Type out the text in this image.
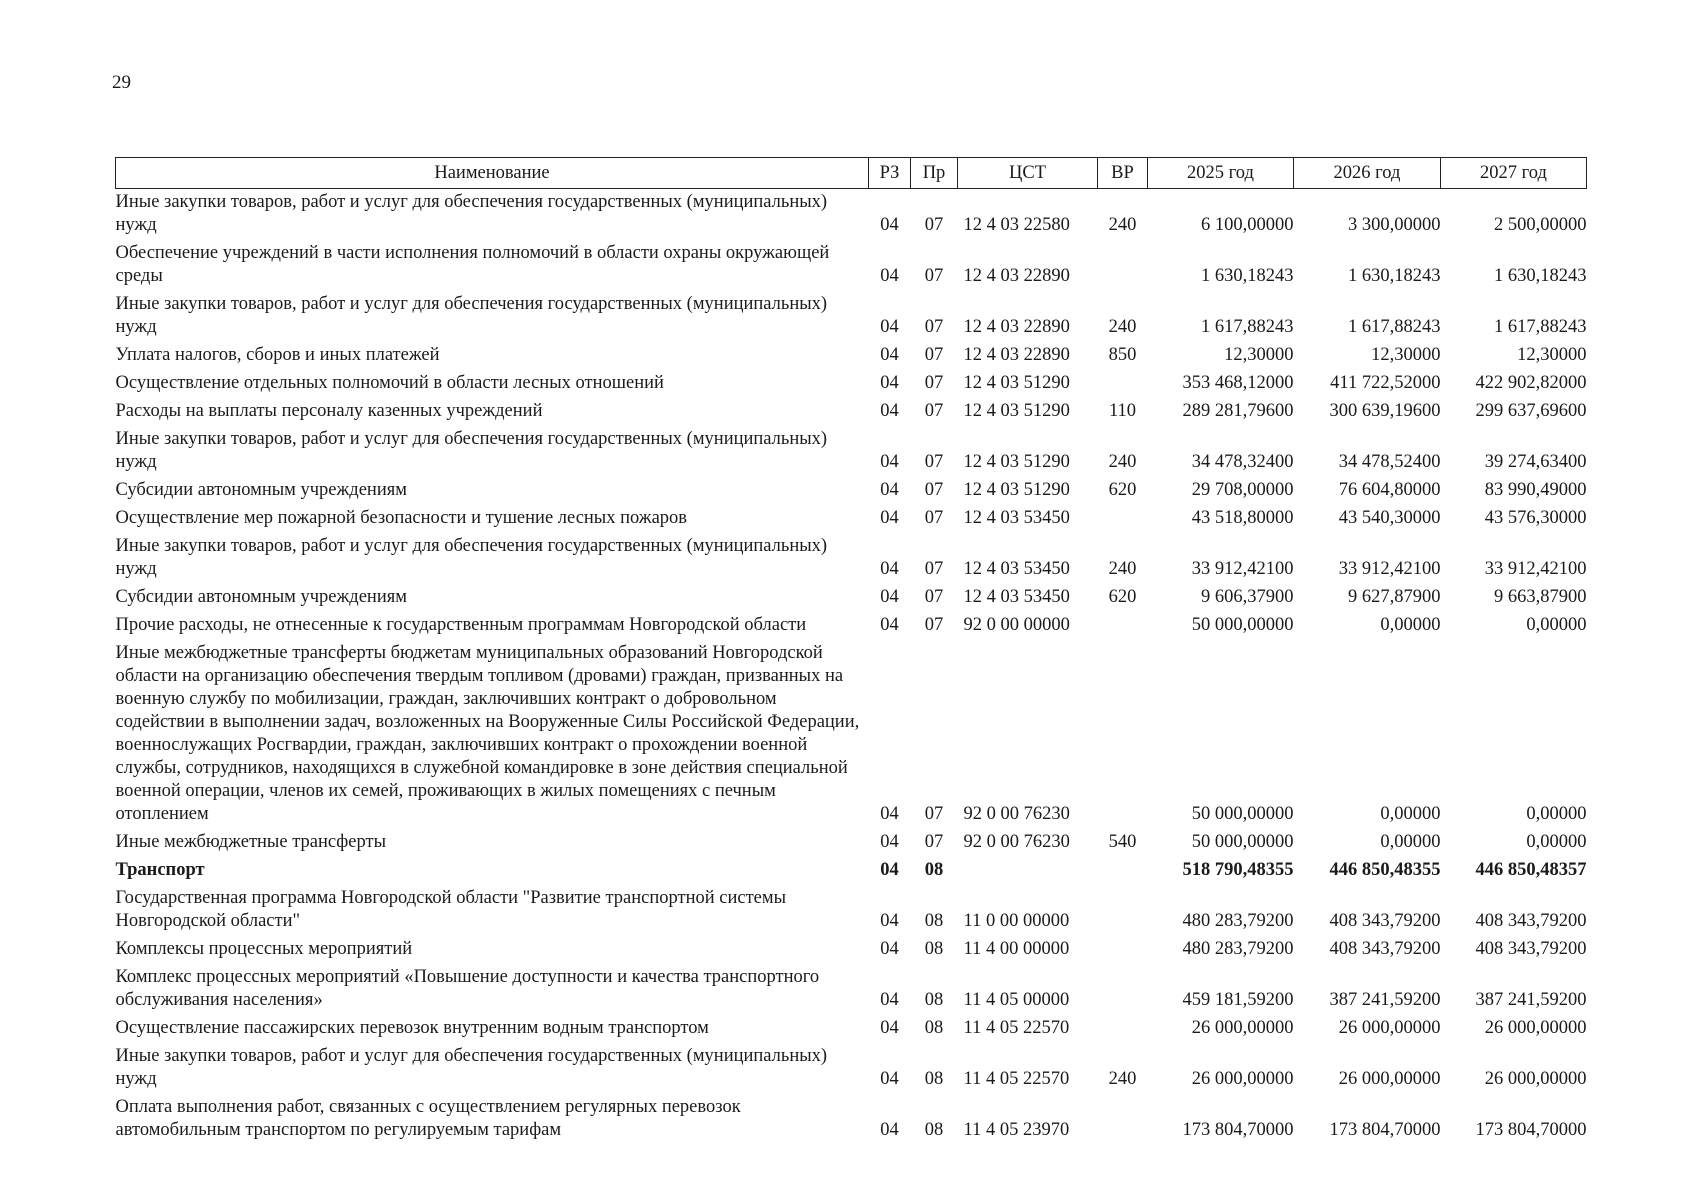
29
Наименование	РЗ	Пр	ЦСТ	ВР	2025 год	2026 год	2027 год
Иные закупки товаров, работ и услуг для обеспечения государственных (муниципальных) нужд	04	07	12 4 03 22580	240	6 100,00000	3 300,00000	2 500,00000
Обеспечение учреждений в части исполнения полномочий в области охраны окружающей среды	04	07	12 4 03 22890		1 630,18243	1 630,18243	1 630,18243
Иные закупки товаров, работ и услуг для обеспечения государственных (муниципальных) нужд	04	07	12 4 03 22890	240	1 617,88243	1 617,88243	1 617,88243
Уплата налогов, сборов и иных платежей	04	07	12 4 03 22890	850	12,30000	12,30000	12,30000
Осуществление отдельных полномочий в области лесных отношений	04	07	12 4 03 51290		353 468,12000	411 722,52000	422 902,82000
Расходы на выплаты персоналу казенных учреждений	04	07	12 4 03 51290	110	289 281,79600	300 639,19600	299 637,69600
Иные закупки товаров, работ и услуг для обеспечения государственных (муниципальных) нужд	04	07	12 4 03 51290	240	34 478,32400	34 478,52400	39 274,63400
Субсидии автономным учреждениям	04	07	12 4 03 51290	620	29 708,00000	76 604,80000	83 990,49000
Осуществление мер пожарной безопасности и тушение лесных пожаров	04	07	12 4 03 53450		43 518,80000	43 540,30000	43 576,30000
Иные закупки товаров, работ и услуг для обеспечения государственных (муниципальных) нужд	04	07	12 4 03 53450	240	33 912,42100	33 912,42100	33 912,42100
Субсидии автономным учреждениям	04	07	12 4 03 53450	620	9 606,37900	9 627,87900	9 663,87900
Прочие расходы, не отнесенные к государственным программам Новгородской области	04	07	92 0 00 00000		50 000,00000	0,00000	0,00000
Иные межбюджетные трансферты бюджетам муниципальных образований Новгородской области на организацию обеспечения твердым топливом (дровами) граждан, призванных на военную службу по мобилизации, граждан, заключивших контракт о добровольном содействии в выполнении задач, возложенных на Вооруженные Силы Российской Федерации, военнослужащих Росгвардии, граждан, заключивших контракт о прохождении военной службы, сотрудников, находящихся в служебной командировке в зоне действия специальной военной операции, членов их семей, проживающих в жилых помещениях с печным отоплением	04	07	92 0 00 76230		50 000,00000	0,00000	0,00000
Иные межбюджетные трансферты	04	07	92 0 00 76230	540	50 000,00000	0,00000	0,00000
Транспорт	04	08			518 790,48355	446 850,48355	446 850,48357
Государственная программа Новгородской области "Развитие транспортной системы Новгородской области"	04	08	11 0 00 00000		480 283,79200	408 343,79200	408 343,79200
Комплексы процессных мероприятий	04	08	11 4 00 00000		480 283,79200	408 343,79200	408 343,79200
Комплекс процессных мероприятий «Повышение доступности и качества транспортного обслуживания населения»	04	08	11 4 05 00000		459 181,59200	387 241,59200	387 241,59200
Осуществление пассажирских перевозок внутренним водным транспортом	04	08	11 4 05 22570		26 000,00000	26 000,00000	26 000,00000
Иные закупки товаров, работ и услуг для обеспечения государственных (муниципальных) нужд	04	08	11 4 05 22570	240	26 000,00000	26 000,00000	26 000,00000
Оплата выполнения работ, связанных с осуществлением регулярных перевозок автомобильным транспортом по регулируемым тарифам	04	08	11 4 05 23970		173 804,70000	173 804,70000	173 804,70000
